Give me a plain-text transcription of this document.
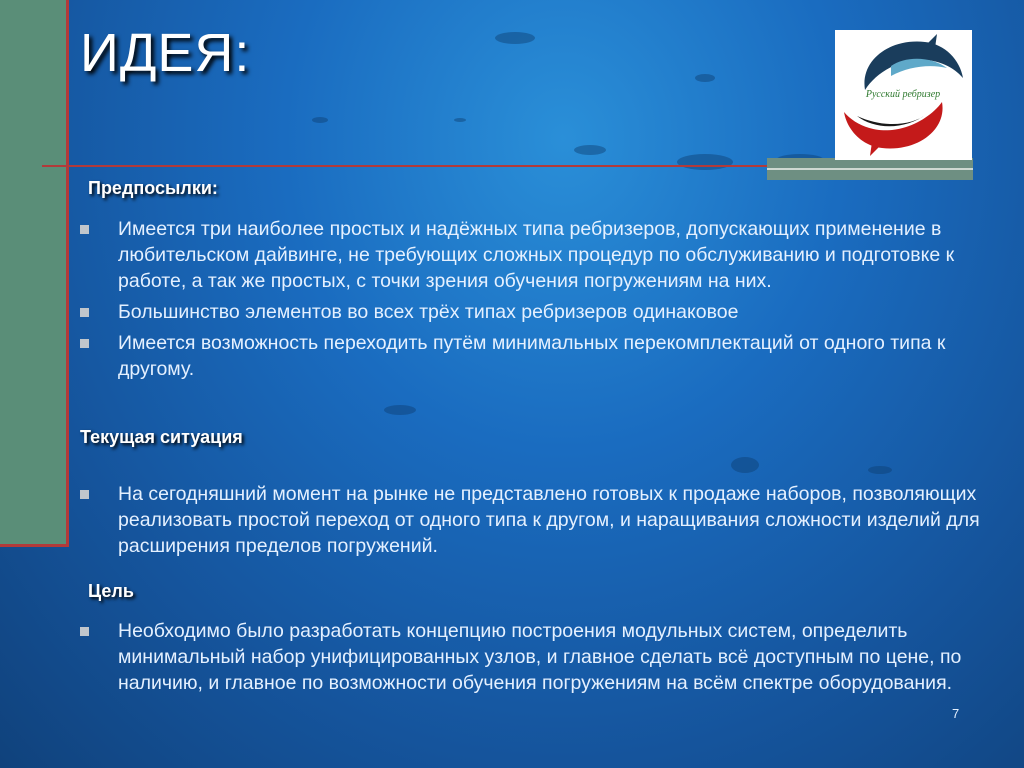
ИДЕЯ:
Русский ребризер
Предпосылки:
Имеется три наиболее простых и надёжных типа ребризеров, допускающих применение в любительском дайвинге, не требующих сложных процедур по обслуживанию и подготовке к работе, а так же простых, с точки зрения обучения погружениям на них.
Большинство элементов во всех трёх типах ребризеров одинаковое
Имеется возможность переходить путём минимальных перекомплектаций от одного типа к другому.
Текущая ситуация
На сегодняшний момент на рынке не представлено готовых к продаже наборов, позволяющих реализовать простой переход от одного типа к другом, и наращивания сложности изделий для расширения пределов погружений.
Цель
Необходимо было разработать концепцию построения модульных систем, определить минимальный набор унифицированных узлов, и главное сделать всё доступным по цене, по наличию, и главное по возможности обучения погружениям на всём спектре оборудования.
7
